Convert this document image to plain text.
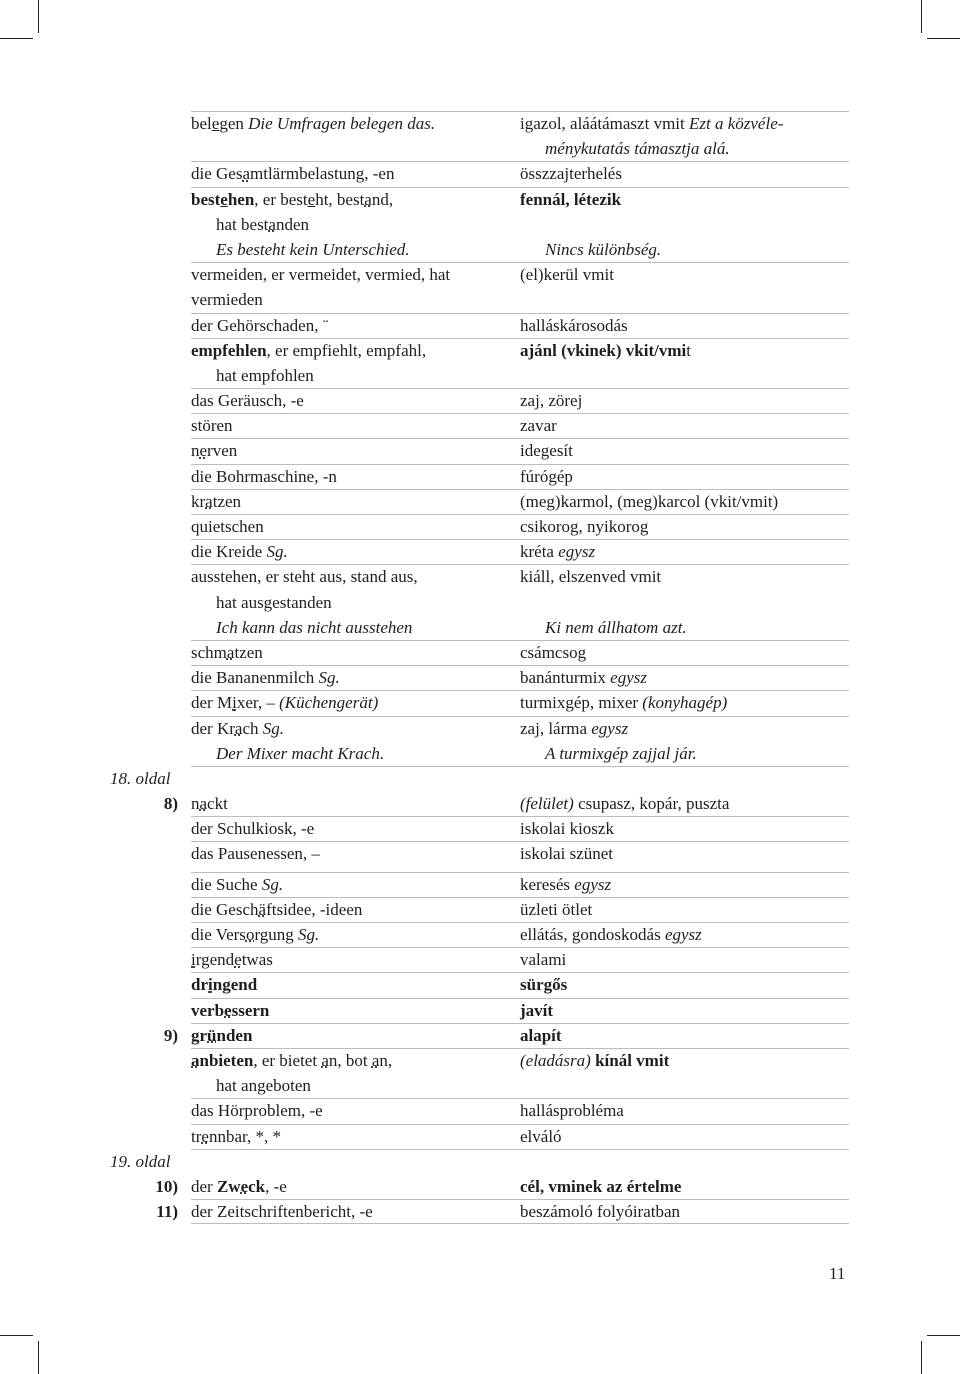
belegen Die Umfragen belegen das.	igazol, aláátámaszt vmit Ezt a közvéle-
ménykutatás támasztja alá.
die Gesamtlärmbelastung, -en	összzajterhelés
bestehen, er besteht, bestand,	fennál, létezik
hat bestanden
Es besteht kein Unterschied.	Nincs különbség.
vermeiden, er vermeidet, vermied, hat	(el)kerül vmit
vermieden
der Gehörschaden, ¨	halláskárosodás
empfehlen, er empfiehlt, empfahl,	ajánl (vkinek) vkit/vmit
hat empfohlen
das Geräusch, -e	zaj, zörej
stören	zavar
nerven	idegesít
die Bohrmaschine, -n	fúrógép
kratzen	(meg)karmol, (meg)karcol (vkit/vmit)
quietschen	csikorog, nyikorog
die Kreide Sg.	kréta egysz
ausstehen, er steht aus, stand aus,	kiáll, elszenved vmit
hat ausgestanden
Ich kann das nicht ausstehen	Ki nem állhatom azt.
schmatzen	csámcsog
die Bananenmilch Sg.	banánturmix egysz
der Mixer, – (Küchengerät)	turmixgép, mixer (konyhagép)
der Krach Sg.	zaj, lárma egysz
Der Mixer macht Krach.	A turmixgép zajjal jár.
18. oldal
8) nackt	(felület) csupasz, kopár, puszta
der Schulkiosk, -e	iskolai kioszk
das Pausenessen, –	iskolai szünet
die Suche Sg.	keresés egysz
die Geschäftsidee, -ideen	üzleti ötlet
die Versorgung Sg.	ellátás, gondoskodás egysz
irgendetwas	valami
dringend	sürgős
verbessern	javít
9) gründen	alapít
anbieten, er bietet an, bot an,	(eladásra) kínál vmit
hat angeboten
das Hörproblem, -e	hallásprobléma
trennbar, *, *	elváló
19. oldal
10) der Zweck, -e	cél, vminek az értelme
11) der Zeitschriftenbericht, -e	beszámoló folyóiratban
11
